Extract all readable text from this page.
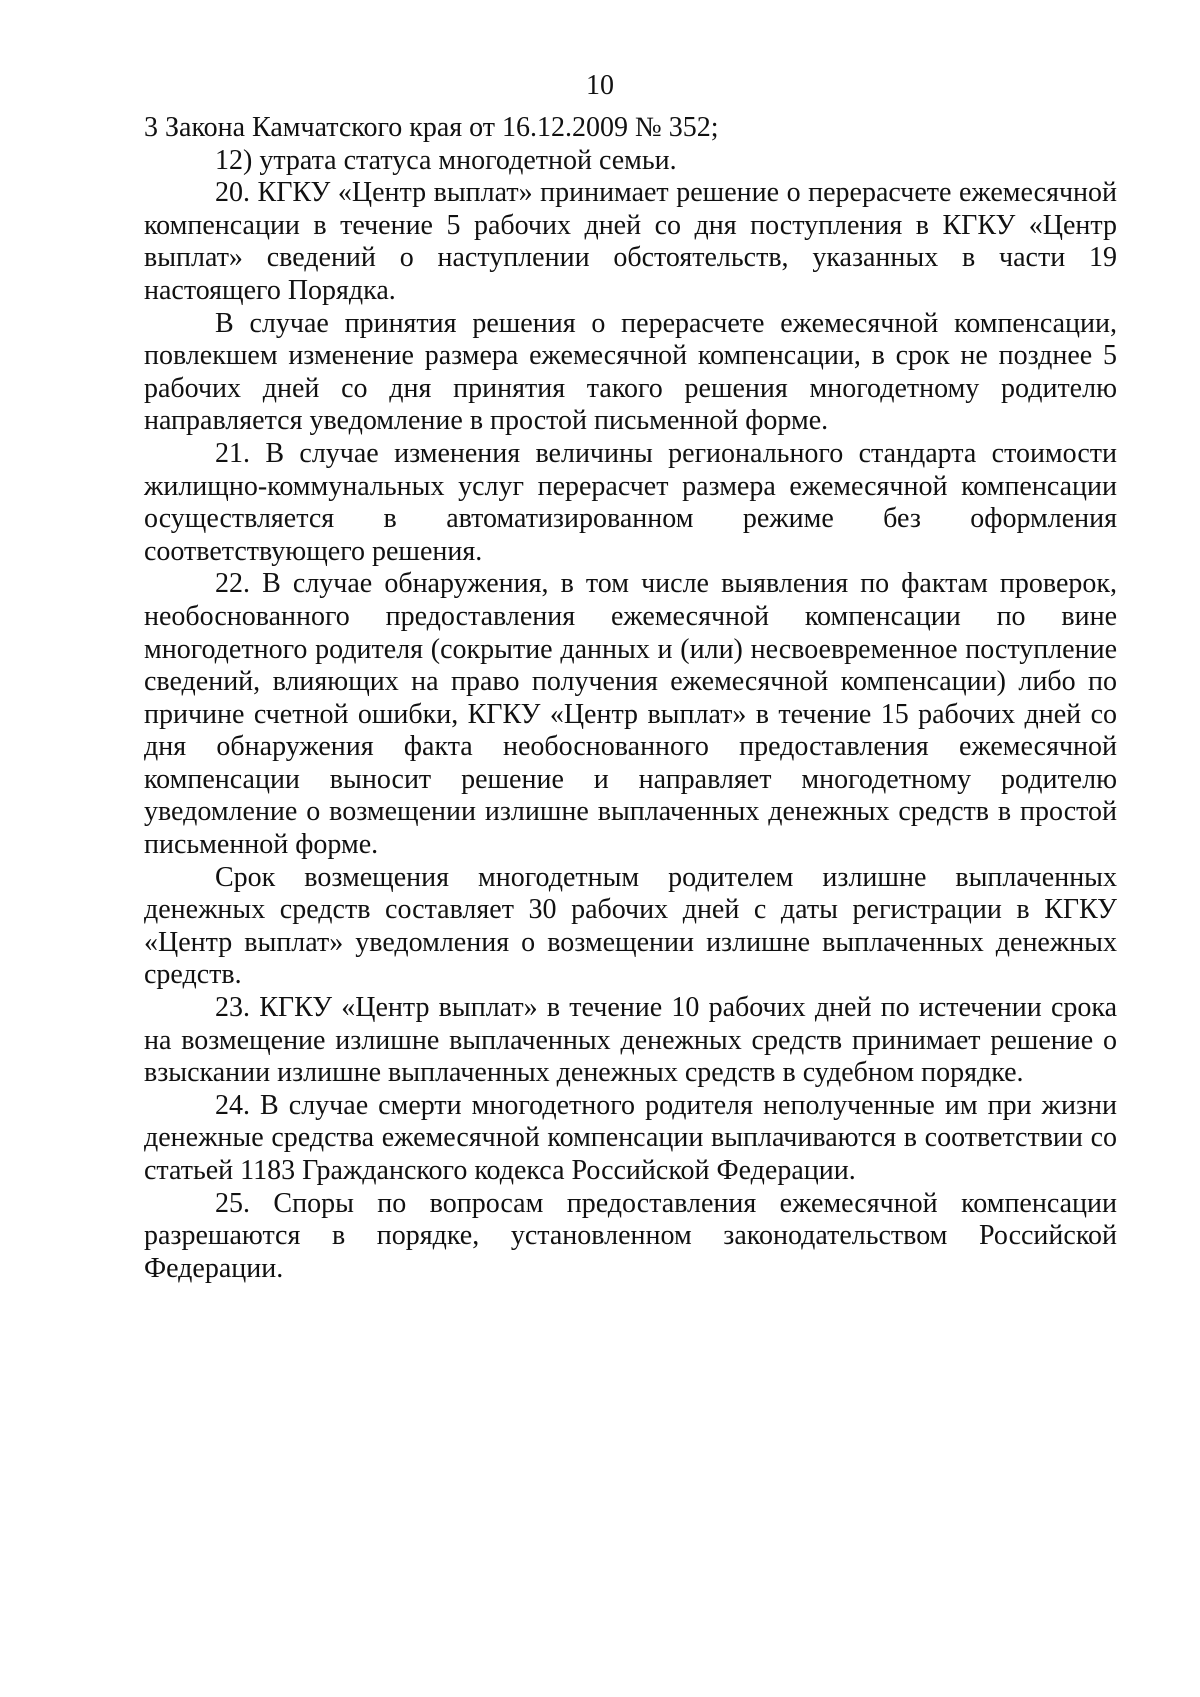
10

3 Закона Камчатского края от 16.12.2009 № 352;

12) утрата статуса многодетной семьи.

20. КГКУ «Центр выплат» принимает решение о перерасчете ежемесячной компенсации в течение 5 рабочих дней со дня поступления в КГКУ «Центр выплат» сведений о наступлении обстоятельств, указанных в части 19 настоящего Порядка.

В случае принятия решения о перерасчете ежемесячной компенсации, повлекшем изменение размера ежемесячной компенсации, в срок не позднее 5 рабочих дней со дня принятия такого решения многодетному родителю направляется уведомление в простой письменной форме.

21. В случае изменения величины регионального стандарта стоимости жилищно-коммунальных услуг перерасчет размера ежемесячной компенсации осуществляется в автоматизированном режиме без оформления соответствующего решения.

22. В случае обнаружения, в том числе выявления по фактам проверок, необоснованного предоставления ежемесячной компенсации по вине многодетного родителя (сокрытие данных и (или) несвоевременное поступление сведений, влияющих на право получения ежемесячной компенсации) либо по причине счетной ошибки, КГКУ «Центр выплат» в течение 15 рабочих дней со дня обнаружения факта необоснованного предоставления ежемесячной компенсации выносит решение и направляет многодетному родителю уведомление о возмещении излишне выплаченных денежных средств в простой письменной форме.

Срок возмещения многодетным родителем излишне выплаченных денежных средств составляет 30 рабочих дней с даты регистрации в КГКУ «Центр выплат» уведомления о возмещении излишне выплаченных денежных средств.

23. КГКУ «Центр выплат» в течение 10 рабочих дней по истечении срока на возмещение излишне выплаченных денежных средств принимает решение о взыскании излишне выплаченных денежных средств в судебном порядке.

24. В случае смерти многодетного родителя неполученные им при жизни денежные средства ежемесячной компенсации выплачиваются в соответствии со статьей 1183 Гражданского кодекса Российской Федерации.

25. Споры по вопросам предоставления ежемесячной компенсации разрешаются в порядке, установленном законодательством Российской Федерации.
